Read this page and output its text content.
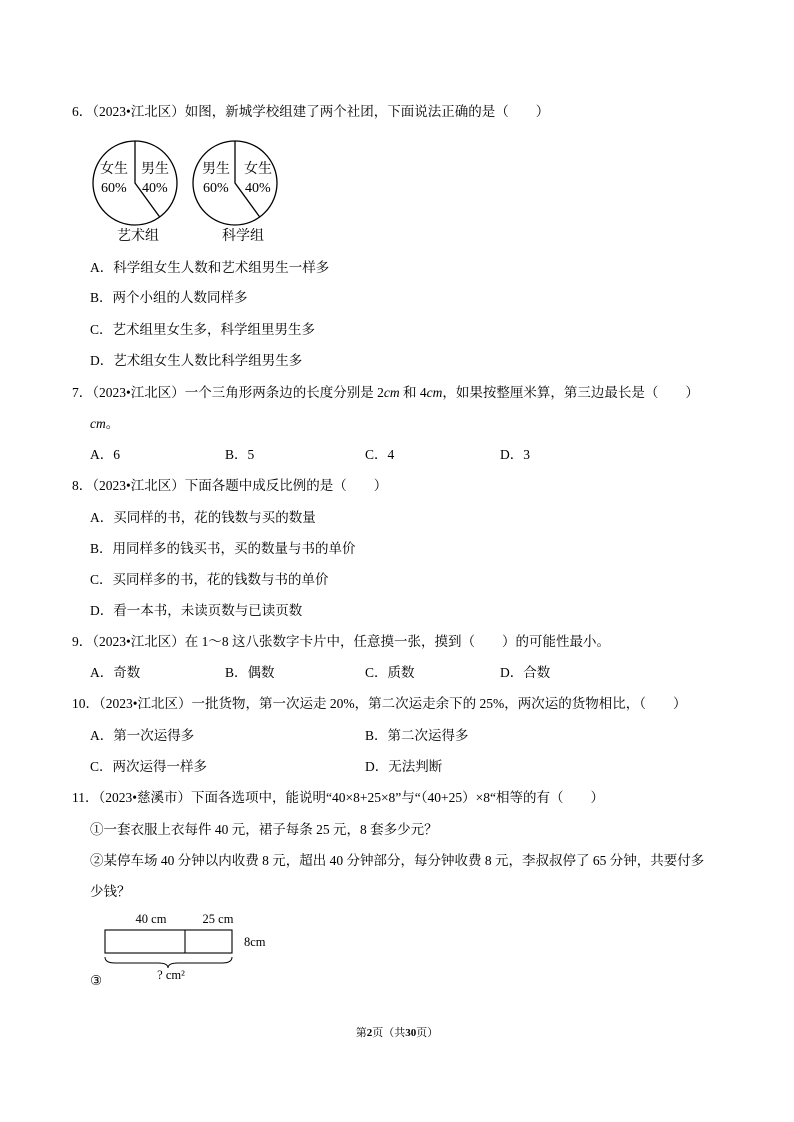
6．（2023•江北区）如图，新城学校组建了两个社团，下面说法正确的是（　　）
女生
60%
男生
40%
艺术组
男生
60%
女生
40%
科学组
A．科学组女生人数和艺术组男生一样多
B．两个小组的人数同样多
C．艺术组里女生多，科学组里男生多
D．艺术组女生人数比科学组男生多
7．（2023•江北区）一个三角形两条边的长度分别是 2cm 和 4cm，如果按整厘米算，第三边最长是（　　）
cm。
A．6	B．5	C．4	D．3
8．（2023•江北区）下面各题中成反比例的是（　　）
A．买同样的书，花的钱数与买的数量
B．用同样多的钱买书，买的数量与书的单价
C．买同样多的书，花的钱数与书的单价
D．看一本书，未读页数与已读页数
9．（2023•江北区）在 1～8 这八张数字卡片中，任意摸一张，摸到（　　）的可能性最小。
A．奇数	B．偶数	C．质数	D．合数
10．（2023•江北区）一批货物，第一次运走 20%，第二次运走余下的 25%，两次运的货物相比，（　　）
A．第一次运得多	B．第二次运得多
C．两次运得一样多	D．无法判断
11．（2023•慈溪市）下面各选项中，能说明“40×8+25×8”与“（40+25）×8“相等的有（　　）
①一套衣服上衣每件 40 元，裙子每条 25 元，8 套多少元？
②某停车场 40 分钟以内收费 8 元，超出 40 分钟部分，每分钟收费 8 元，李叔叔停了 65 分钟，共要付多
少钱？
40 cm	25 cm
8cm
? cm²
③
第2页（共30页）
